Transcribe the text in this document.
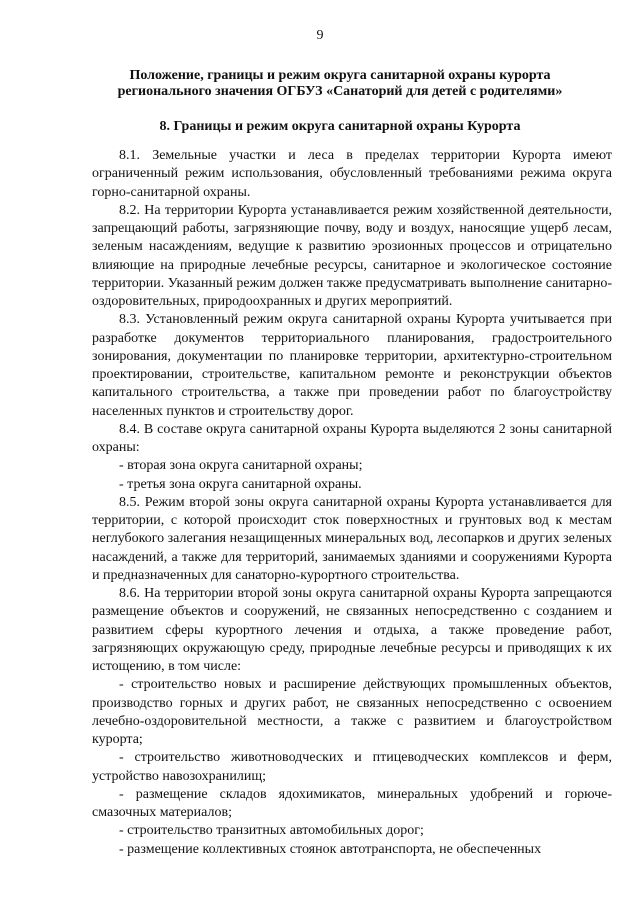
9
Положение, границы и режим округа санитарной охраны курорта
регионального значения ОГБУЗ «Санаторий для детей с родителями»
8. Границы и режим округа санитарной охраны Курорта

8.1. Земельные участки и леса в пределах территории Курорта имеют ограниченный режим использования, обусловленный требованиями режима округа горно-санитарной охраны.

8.2. На территории Курорта устанавливается режим хозяйственной деятельности, запрещающий работы, загрязняющие почву, воду и воздух, наносящие ущерб лесам, зеленым насаждениям, ведущие к развитию эрозионных процессов и отрицательно влияющие на природные лечебные ресурсы, санитарное и экологическое состояние территории. Указанный режим должен также предусматривать выполнение санитарно-оздоровительных, природоохранных и других мероприятий.

8.3. Установленный режим округа санитарной охраны Курорта учитывается при разработке документов территориального планирования, градостроительного зонирования, документации по планировке территории, архитектурно-строительном проектировании, строительстве, капитальном ремонте и реконструкции объектов капитального строительства, а также при проведении работ по благоустройству населенных пунктов и строительству дорог.

8.4. В составе округа санитарной охраны Курорта выделяются 2 зоны санитарной охраны:

- вторая зона округа санитарной охраны;

- третья зона округа санитарной охраны.

8.5. Режим второй зоны округа санитарной охраны Курорта устанавливается для территории, с которой происходит сток поверхностных и грунтовых вод к местам неглубокого залегания незащищенных минеральных вод, лесопарков и других зеленых насаждений, а также для территорий, занимаемых зданиями и сооружениями Курорта и предназначенных для санаторно-курортного строительства.

8.6. На территории второй зоны округа санитарной охраны Курорта запрещаются размещение объектов и сооружений, не связанных непосредственно с созданием и развитием сферы курортного лечения и отдыха, а также проведение работ, загрязняющих окружающую среду, природные лечебные ресурсы и приводящих к их истощению, в том числе:

- строительство новых и расширение действующих промышленных объектов, производство горных и других работ, не связанных непосредственно с освоением лечебно-оздоровительной местности, а также с развитием и благоустройством курорта;

- строительство животноводческих и птицеводческих комплексов и ферм, устройство навозохранилищ;

- размещение складов ядохимикатов, минеральных удобрений и горюче-смазочных материалов;

- строительство транзитных автомобильных дорог;

- размещение коллективных стоянок автотранспорта, не обеспеченных
